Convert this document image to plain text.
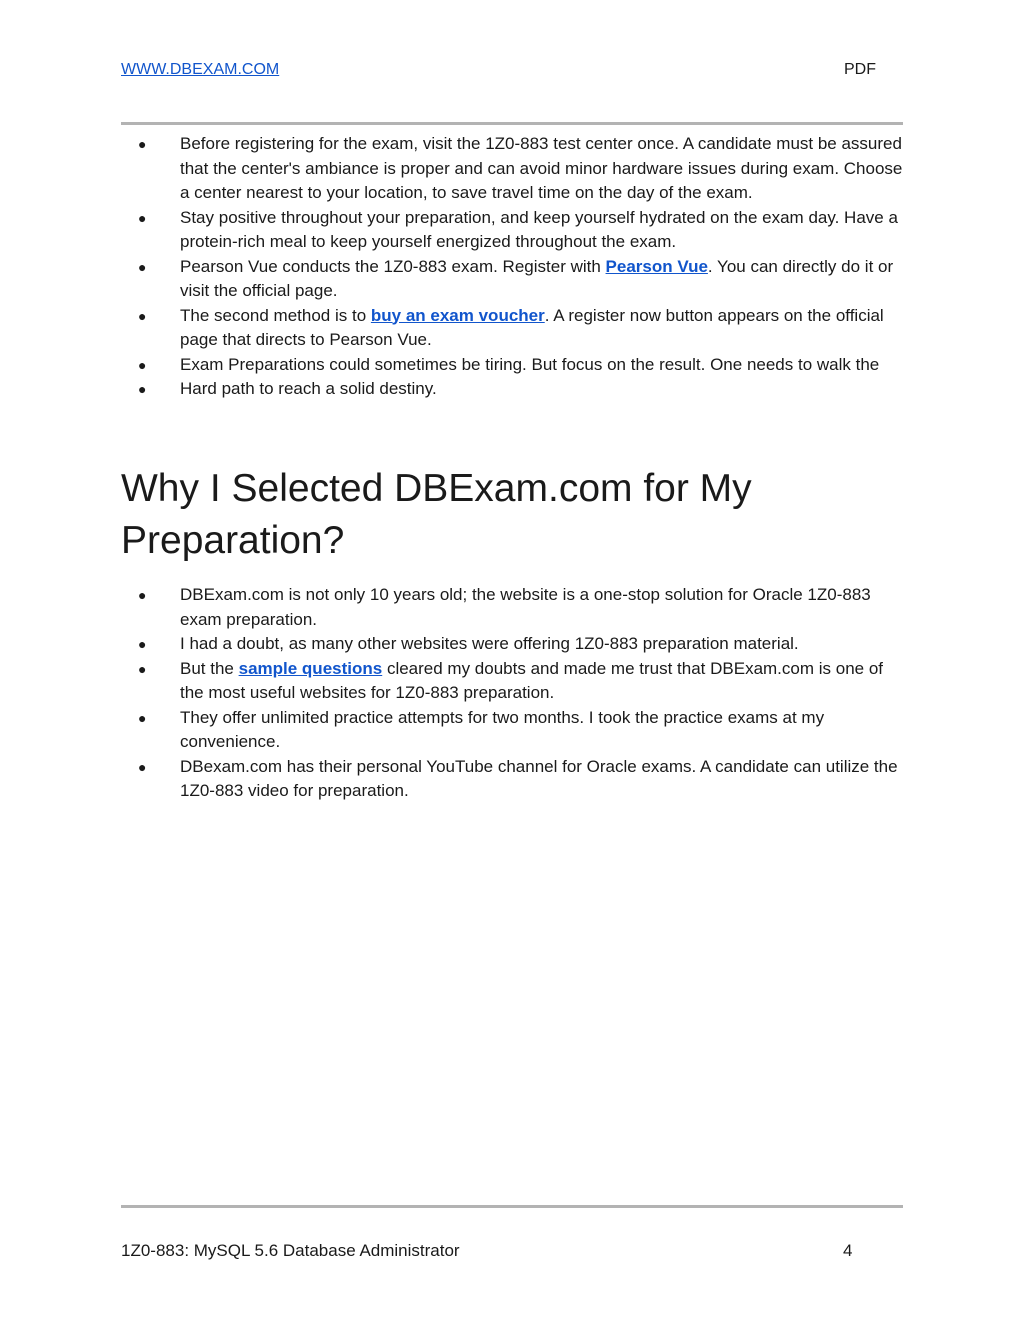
WWW.DBEXAM.COM	PDF
● Before registering for the exam, visit the 1Z0-883 test center once. A candidate must be assured that the center's ambiance is proper and can avoid minor hardware issues during exam. Choose a center nearest to your location, to save travel time on the day of the exam.
● Stay positive throughout your preparation, and keep yourself hydrated on the exam day. Have a protein-rich meal to keep yourself energized throughout the exam.
● Pearson Vue conducts the 1Z0-883 exam. Register with Pearson Vue. You can directly do it or visit the official page.
● The second method is to buy an exam voucher. A register now button appears on the official page that directs to Pearson Vue.
● Exam Preparations could sometimes be tiring. But focus on the result. One needs to walk the
● Hard path to reach a solid destiny.
Why I Selected DBExam.com for My Preparation?
● DBExam.com is not only 10 years old; the website is a one-stop solution for Oracle 1Z0-883 exam preparation.
● I had a doubt, as many other websites were offering 1Z0-883 preparation material.
● But the sample questions cleared my doubts and made me trust that DBExam.com is one of the most useful websites for 1Z0-883 preparation.
● They offer unlimited practice attempts for two months. I took the practice exams at my convenience.
● DBexam.com has their personal YouTube channel for Oracle exams. A candidate can utilize the 1Z0-883 video for preparation.
1Z0-883: MySQL 5.6 Database Administrator	4
